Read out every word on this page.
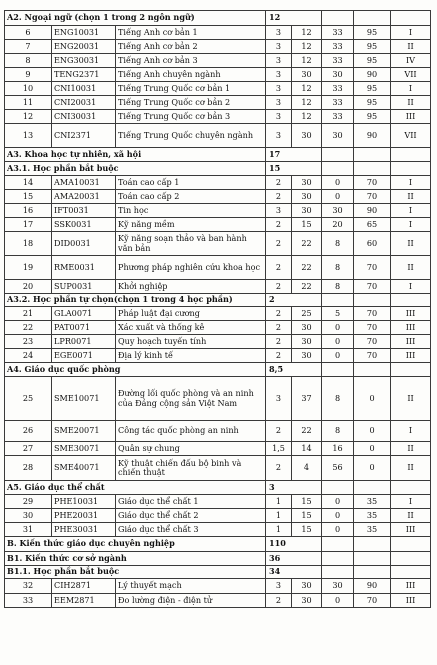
A2. Ngoại ngữ (chọn 1 trong 2 ngôn ngữ)			12				
6	ENG10031	Tiếng Anh cơ bản 1	3	12	33	95	I
7	ENG20031	Tiếng Anh cơ bản 2	3	12	33	95	II
8	ENG30031	Tiếng Anh cơ bản 3	3	12	33	95	IV
9	TENG2371	Tiếng Anh chuyên ngành	3	30	30	90	VII
10	CNI10031	Tiếng Trung Quốc cơ bản 1	3	12	33	95	I
11	CNI20031	Tiếng Trung Quốc cơ bản 2	3	12	33	95	II
12	CNI30031	Tiếng Trung Quốc cơ bản 3	3	12	33	95	III
13	CNI2371	Tiếng Trung Quốc chuyên ngành	3	30	30	90	VII
A3. Khoa học tự nhiên, xã hội			17				
A3.1. Học phần bắt buộc			15				
14	AMA10031	Toán cao cấp 1	2	30	0	70	I
15	AMA20031	Toán cao cấp 2	2	30	0	70	II
16	IFT0031	Tin học	3	30	30	90	I
17	SSK0031	Kỹ năng mềm	2	15	20	65	I
18	DID0031	Kỹ năng soạn thảo và ban hành văn bản	2	22	8	60	II
19	RME0031	Phương pháp nghiên cứu khoa học	2	22	8	70	II
20	SUP0031	Khởi nghiệp	2	22	8	70	I
A3.2. Học phần tự chọn(chọn 1 trong 4 học phần)			2				
21	GLA0071	Pháp luật đại cương	2	25	5	70	III
22	PAT0071	Xác xuất và thống kê	2	30	0	70	III
23	LPR0071	Quy hoạch tuyến tính	2	30	0	70	III
24	EGE0071	Địa lý kinh tế	2	30	0	70	III
A4. Giáo dục quốc phòng			8,5				
25	SME10071	Đường lối quốc phòng và an ninh của Đảng cộng sản Việt Nam	3	37	8	0	II
26	SME20071	Công tác quốc phòng an ninh	2	22	8	0	I
27	SME30071	Quân sự chung	1,5	14	16	0	II
28	SME40071	Kỹ thuật chiến đấu bộ binh và chiến thuật	2	4	56	0	II
A5. Giáo dục thể chất			3				
29	PHE10031	Giáo dục thể chất 1	1	15	0	35	I
30	PHE20031	Giáo dục thể chất 2	1	15	0	35	II
31	PHE30031	Giáo dục thể chất 3	1	15	0	35	III
B. Kiến thức giáo dục chuyên nghiệp			110				
B1. Kiến thức cơ sở ngành			36				
B1.1. Học phần bắt buộc			34				
32	CIH2871	Lý thuyết mạch	3	30	30	90	III
33	EEM2871	Đo lường điện - điện tử	2	30	0	70	III
